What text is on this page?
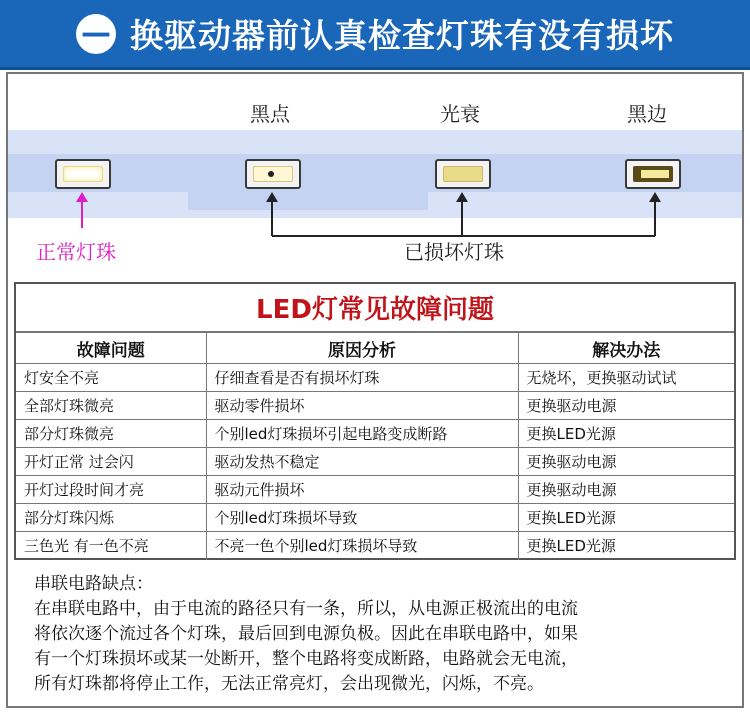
— 换驱动器前认真检查灯珠有没有损坏
黑点	光衰	黑边
正常灯珠	已损坏灯珠
LED灯常见故障问题
故障问题	原因分析	解决办法
灯安全不亮	仔细查看是否有损坏灯珠	无烧坏，更换驱动试试
全部灯珠微亮	驱动零件损坏	更换驱动电源
部分灯珠微亮	个别led灯珠损坏引起电路变成断路	更换LED光源
开灯正常 过会闪	驱动发热不稳定	更换驱动电源
开灯过段时间才亮	驱动元件损坏	更换驱动电源
部分灯珠闪烁	个别led灯珠损坏导致	更换LED光源
三色光 有一色不亮	不亮一色个别led灯珠损坏导致	更换LED光源
串联电路缺点：
在串联电路中，由于电流的路径只有一条，所以，从电源正极流出的电流
将依次逐个流过各个灯珠，最后回到电源负极。因此在串联电路中，如果
有一个灯珠损坏或某一处断开，整个电路将变成断路，电路就会无电流，
所有灯珠都将停止工作，无法正常亮灯，会出现微光，闪烁，不亮。
